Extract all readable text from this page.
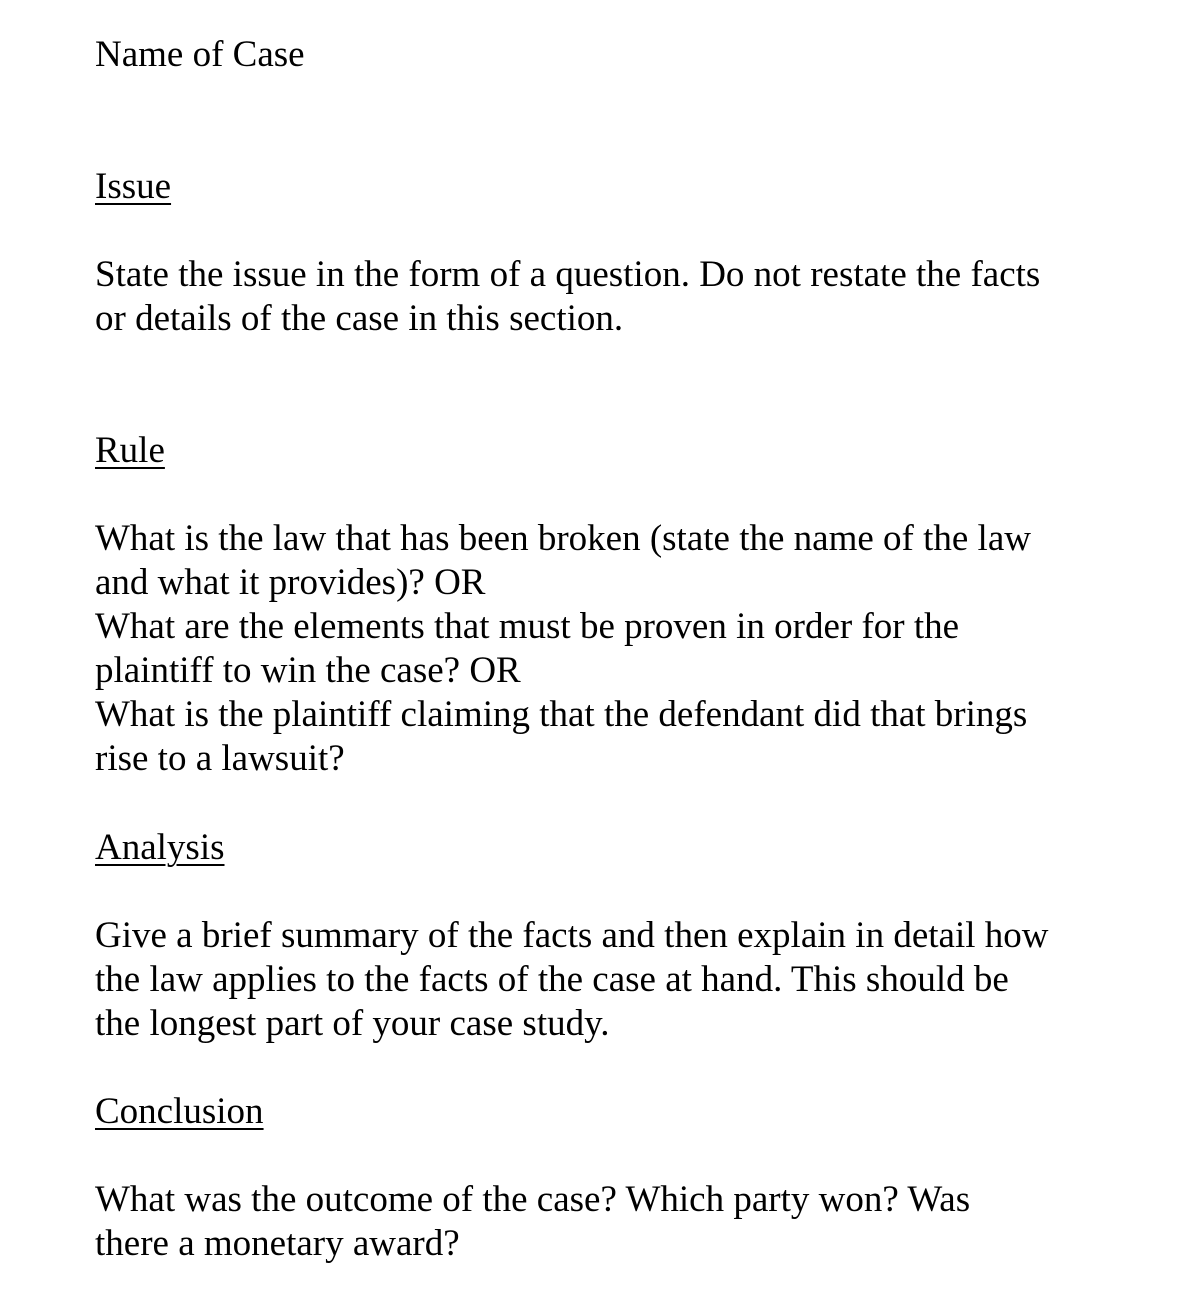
Name of Case

Issue

State the issue in the form of a question. Do not restate the facts

or details of the case in this section.

Rule

What is the law that has been broken (state the name of the law

and what it provides)? OR

What are the elements that must be proven in order for the

plaintiff to win the case? OR

What is the plaintiff claiming that the defendant did that brings

rise to a lawsuit?

Analysis

Give a brief summary of the facts and then explain in detail how

the law applies to the facts of the case at hand. This should be

the longest part of your case study.

Conclusion

What was the outcome of the case? Which party won? Was

there a monetary award?
